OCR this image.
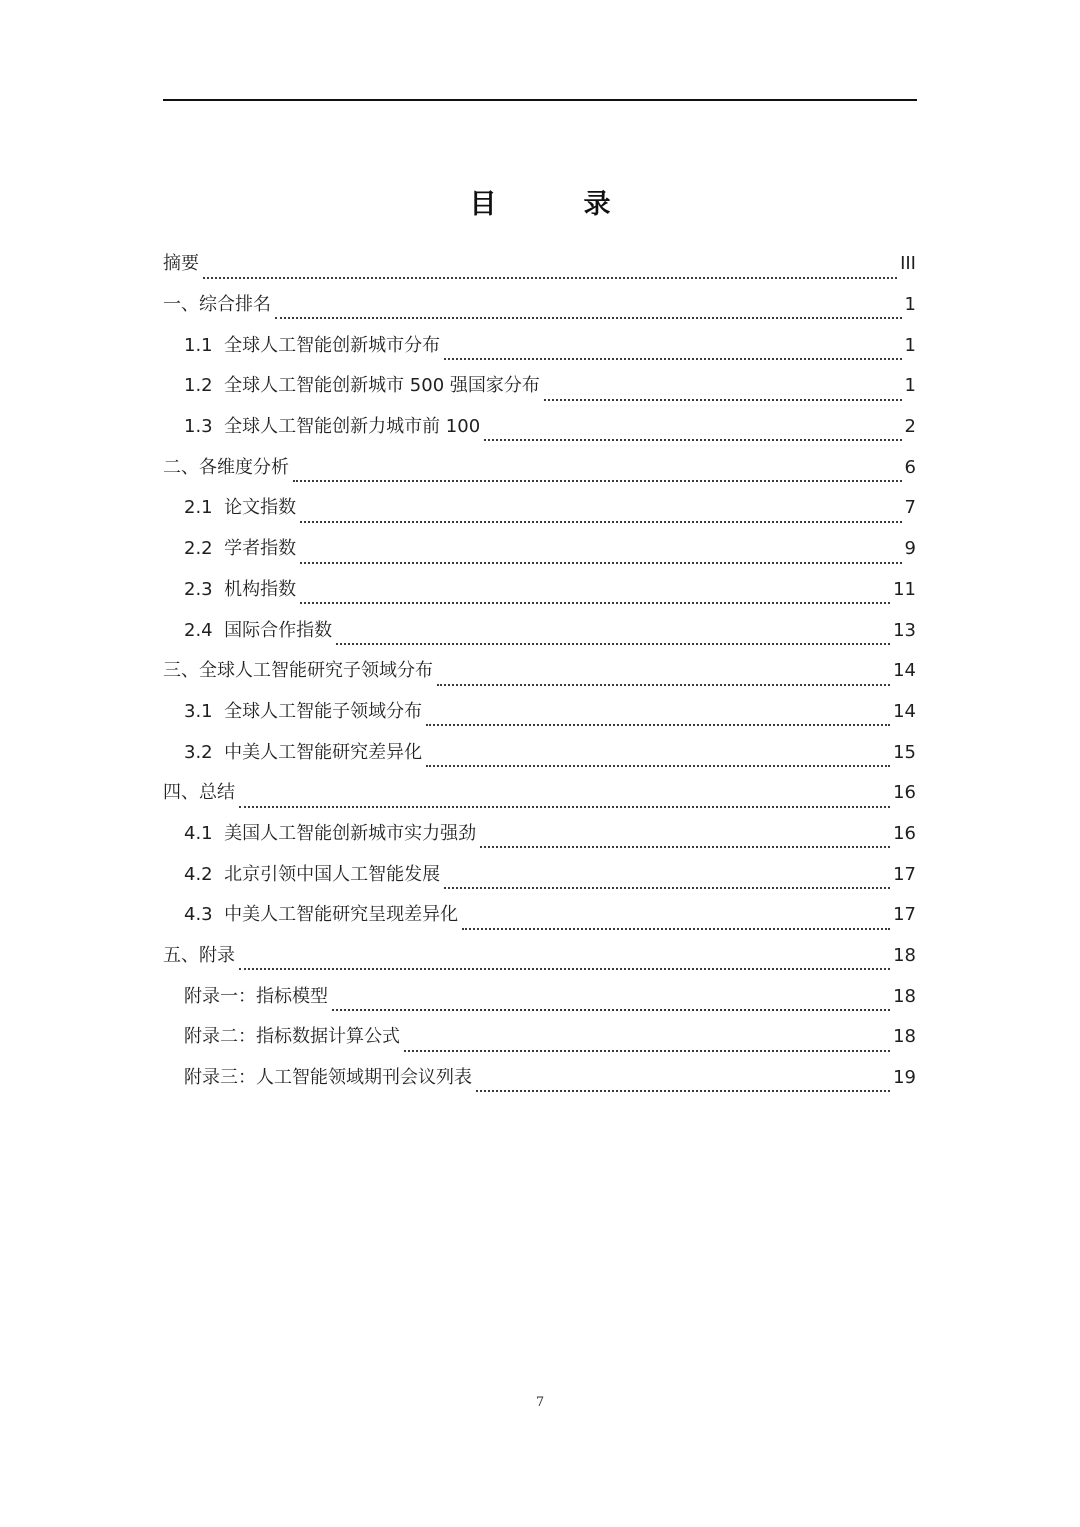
目　录
摘要	III
一、综合排名	1
1.1 全球人工智能创新城市分布	1
1.2 全球人工智能创新城市 500 强国家分布	1
1.3 全球人工智能创新力城市前 100	2
二、各维度分析	6
2.1 论文指数	7
2.2 学者指数	9
2.3 机构指数	11
2.4 国际合作指数	13
三、全球人工智能研究子领域分布	14
3.1 全球人工智能子领域分布	14
3.2 中美人工智能研究差异化	15
四、总结	16
4.1 美国人工智能创新城市实力强劲	16
4.2 北京引领中国人工智能发展	17
4.3 中美人工智能研究呈现差异化	17
五、附录	18
附录一：指标模型	18
附录二：指标数据计算公式	18
附录三：人工智能领域期刊会议列表	19
7
